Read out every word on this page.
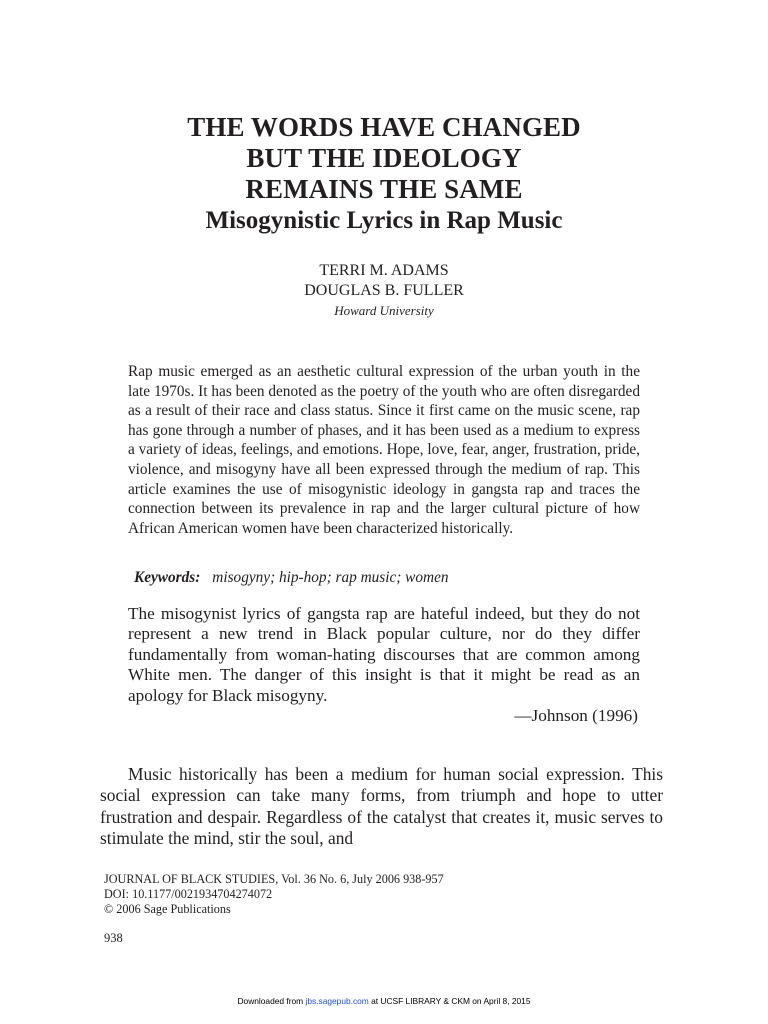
THE WORDS HAVE CHANGED
BUT THE IDEOLOGY
REMAINS THE SAME
Misogynistic Lyrics in Rap Music
TERRI M. ADAMS
DOUGLAS B. FULLER
Howard University

Rap music emerged as an aesthetic cultural expression of the urban youth in the late 1970s. It has been denoted as the poetry of the youth who are often disregarded as a result of their race and class status. Since it first came on the music scene, rap has gone through a number of phases, and it has been used as a medium to express a variety of ideas, feelings, and emotions. Hope, love, fear, anger, frustration, pride, violence, and misogyny have all been expressed through the medium of rap. This article examines the use of misogynistic ideology in gangsta rap and traces the connection between its prevalence in rap and the larger cultural picture of how African American women have been characterized historically.

Keywords: misogyny; hip-hop; rap music; women

The misogynist lyrics of gangsta rap are hateful indeed, but they do not represent a new trend in Black popular culture, nor do they differ fundamentally from woman-hating discourses that are common among White men. The danger of this insight is that it might be read as an apology for Black misogyny.

—Johnson (1996)

Music historically has been a medium for human social expression. This social expression can take many forms, from triumph and hope to utter frustration and despair. Regardless of the catalyst that creates it, music serves to stimulate the mind, stir the soul, and

JOURNAL OF BLACK STUDIES, Vol. 36 No. 6, July 2006 938-957
DOI: 10.1177/0021934704274072
© 2006 Sage Publications
938
Downloaded from jbs.sagepub.com at UCSF LIBRARY & CKM on April 8, 2015
